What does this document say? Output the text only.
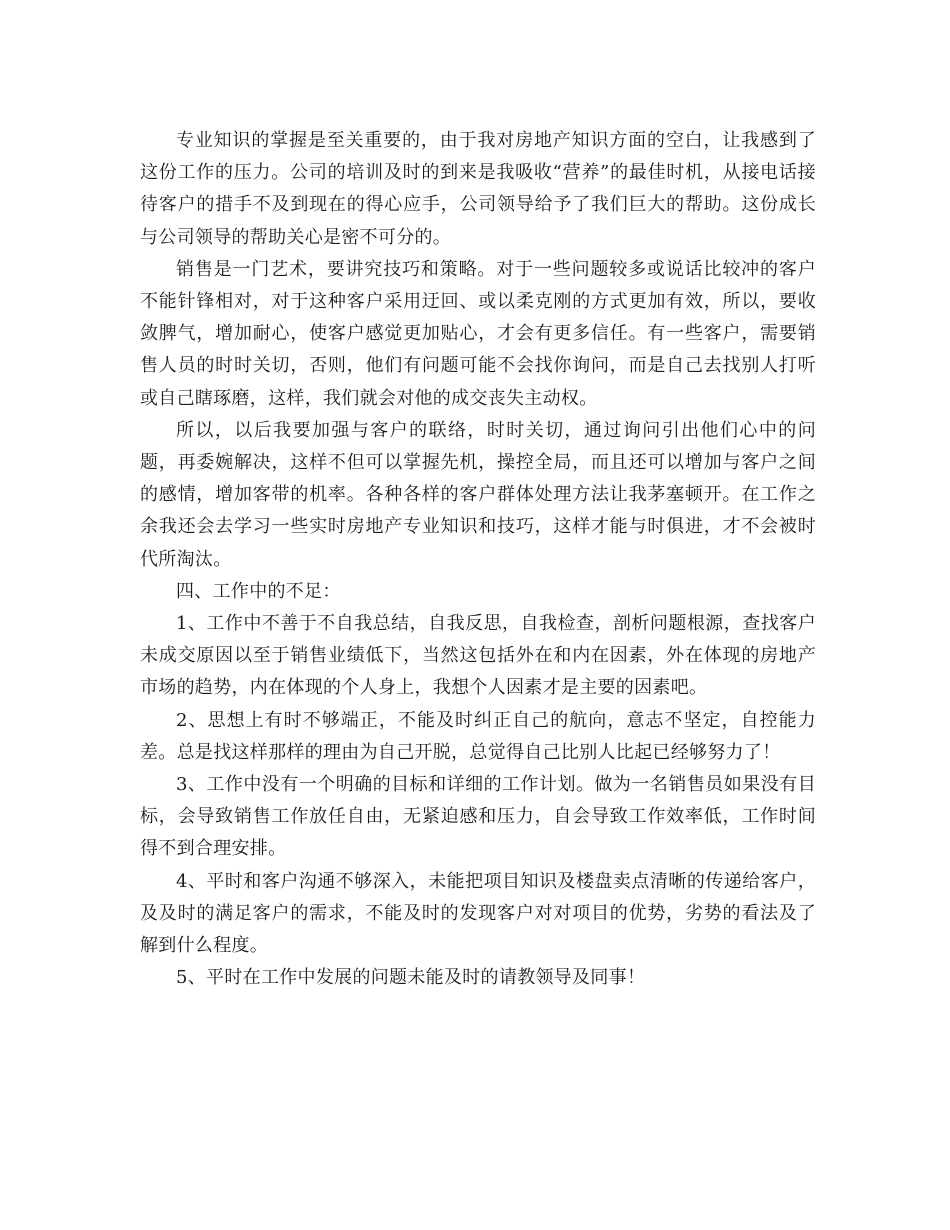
专业知识的掌握是至关重要的，由于我对房地产知识方面的空白，让我感到了这份工作的压力。公司的培训及时的到来是我吸收“营养”的最佳时机，从接电话接待客户的措手不及到现在的得心应手，公司领导给予了我们巨大的帮助。这份成长与公司领导的帮助关心是密不可分的。

销售是一门艺术，要讲究技巧和策略。对于一些问题较多或说话比较冲的客户不能针锋相对，对于这种客户采用迂回、或以柔克刚的方式更加有效，所以，要收敛脾气，增加耐心，使客户感觉更加贴心，才会有更多信任。有一些客户，需要销售人员的时时关切，否则，他们有问题可能不会找你询问，而是自己去找别人打听或自己瞎琢磨，这样，我们就会对他的成交丧失主动权。

所以，以后我要加强与客户的联络，时时关切，通过询问引出他们心中的问题，再委婉解决，这样不但可以掌握先机，操控全局，而且还可以增加与客户之间的感情，增加客带的机率。各种各样的客户群体处理方法让我茅塞顿开。在工作之余我还会去学习一些实时房地产专业知识和技巧，这样才能与时俱进，才不会被时代所淘汰。

四、工作中的不足：

1、工作中不善于不自我总结，自我反思，自我检查，剖析问题根源，查找客户未成交原因以至于销售业绩低下，当然这包括外在和内在因素，外在体现的房地产市场的趋势，内在体现的个人身上，我想个人因素才是主要的因素吧。

2、思想上有时不够端正，不能及时纠正自己的航向，意志不坚定，自控能力差。总是找这样那样的理由为自己开脱，总觉得自己比别人比起已经够努力了！

3、工作中没有一个明确的目标和详细的工作计划。做为一名销售员如果没有目标，会导致销售工作放任自由，无紧迫感和压力，自会导致工作效率低，工作时间得不到合理安排。

4、平时和客户沟通不够深入，未能把项目知识及楼盘卖点清晰的传递给客户，及及时的满足客户的需求，不能及时的发现客户对对项目的优势，劣势的看法及了解到什么程度。

5、平时在工作中发展的问题未能及时的请教领导及同事！
